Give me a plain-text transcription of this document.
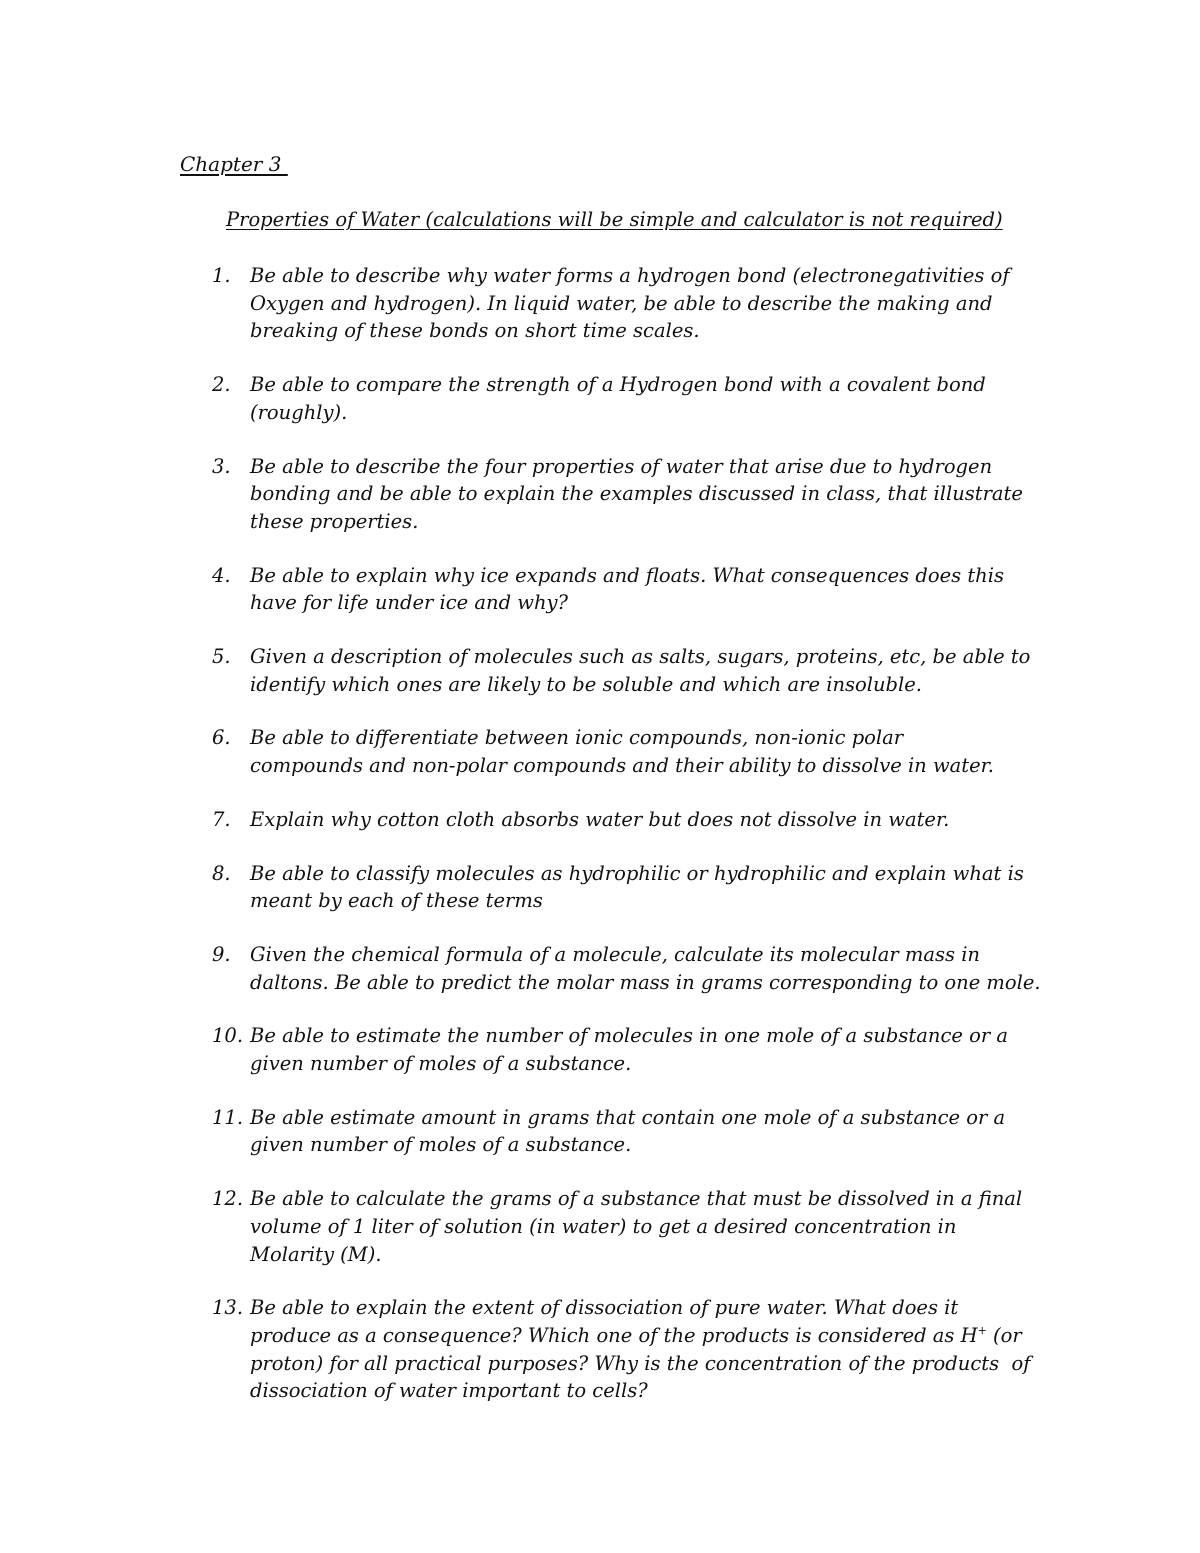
Chapter 3
Properties of Water (calculations will be simple and calculator is not required)
1. Be able to describe why water forms a hydrogen bond (electronegativities of
Oxygen and hydrogen). In liquid water, be able to describe the making and
breaking of these bonds on short time scales.
2. Be able to compare the strength of a Hydrogen bond with a covalent bond
(roughly).
3. Be able to describe the four properties of water that arise due to hydrogen
bonding and be able to explain the examples discussed in class, that illustrate
these properties.
4. Be able to explain why ice expands and floats. What consequences does this
have for life under ice and why?
5. Given a description of molecules such as salts, sugars, proteins, etc, be able to
identify which ones are likely to be soluble and which are insoluble.
6. Be able to differentiate between ionic compounds, non-ionic polar
compounds and non-polar compounds and their ability to dissolve in water.
7. Explain why cotton cloth absorbs water but does not dissolve in water.
8. Be able to classify molecules as hydrophilic or hydrophilic and explain what is
meant by each of these terms
9. Given the chemical formula of a molecule, calculate its molecular mass in
daltons. Be able to predict the molar mass in grams corresponding to one mole.
10. Be able to estimate the number of molecules in one mole of a substance or a
given number of moles of a substance.
11. Be able estimate amount in grams that contain one mole of a substance or a
given number of moles of a substance.
12. Be able to calculate the grams of a substance that must be dissolved in a final
volume of 1 liter of solution (in water) to get a desired concentration in
Molarity (M).
13. Be able to explain the extent of dissociation of pure water. What does it
produce as a consequence? Which one of the products is considered as H+ (or
proton) for all practical purposes? Why is the concentration of the products  of
dissociation of water important to cells?
